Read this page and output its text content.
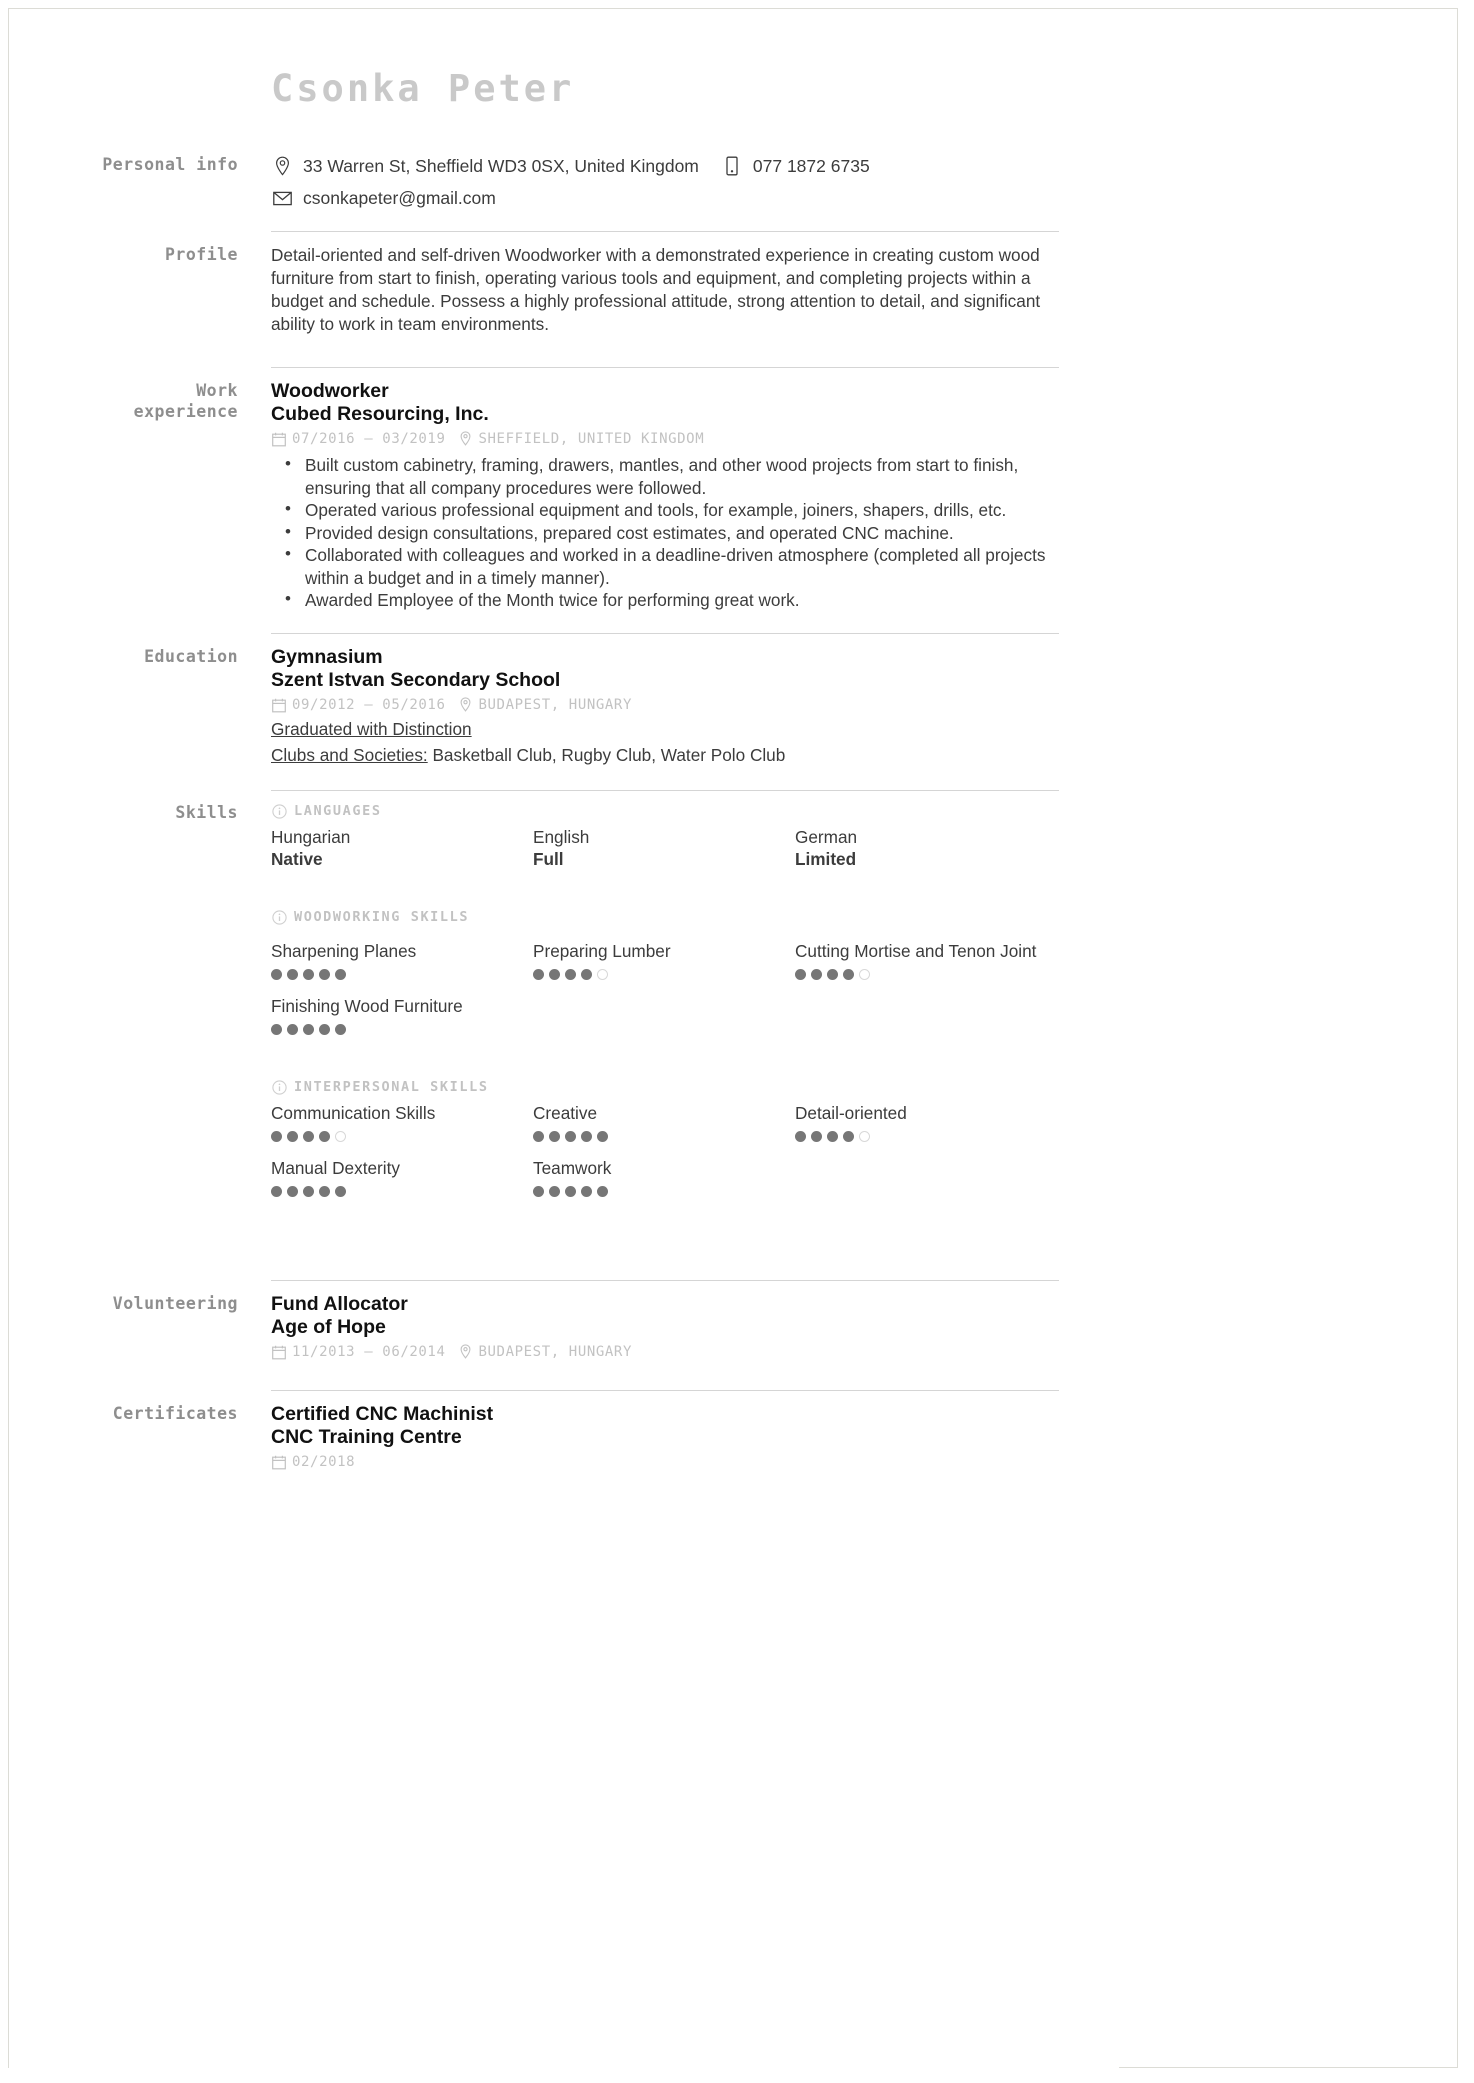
Csonka Peter
Personal info	33 Warren St, Sheffield WD3 0SX, United Kingdom	077 1872 6735
csonkapeter@gmail.com
Profile Detail-oriented and self-driven Woodworker with a demonstrated experience in creating custom wood furniture from start to finish, operating various tools and equipment, and completing projects within a budget and schedule. Possess a highly professional attitude, strong attention to detail, and significant ability to work in team environments.
Work
experience
Woodworker
Cubed Resourcing, Inc.
07/2016 – 03/2019 SHEFFIELD, UNITED KINGDOM
• Built custom cabinetry, framing, drawers, mantles, and other wood projects from start to finish, ensuring that all company procedures were followed.
• Operated various professional equipment and tools, for example, joiners, shapers, drills, etc.
• Provided design consultations, prepared cost estimates, and operated CNC machine.
• Collaborated with colleagues and worked in a deadline-driven atmosphere (completed all projects within a budget and in a timely manner).
• Awarded Employee of the Month twice for performing great work.
Education Gymnasium
Szent Istvan Secondary School
09/2012 – 05/2016 BUDAPEST, HUNGARY
Graduated with Distinction
Clubs and Societies: Basketball Club, Rugby Club, Water Polo Club
Skills	LANGUAGES
Hungarian
Native
English
Full
German
Limited
WOODWORKING SKILLS
Sharpening Planes	Preparing Lumber	Cutting Mortise and Tenon Joint
Finishing Wood Furniture
INTERPERSONAL SKILLS
Communication Skills	Creative	Detail-oriented
Manual Dexterity	Teamwork
Volunteering Fund Allocator
Age of Hope
11/2013 – 06/2014 BUDAPEST, HUNGARY
Certificates Certified CNC Machinist
CNC Training Centre
02/2018
